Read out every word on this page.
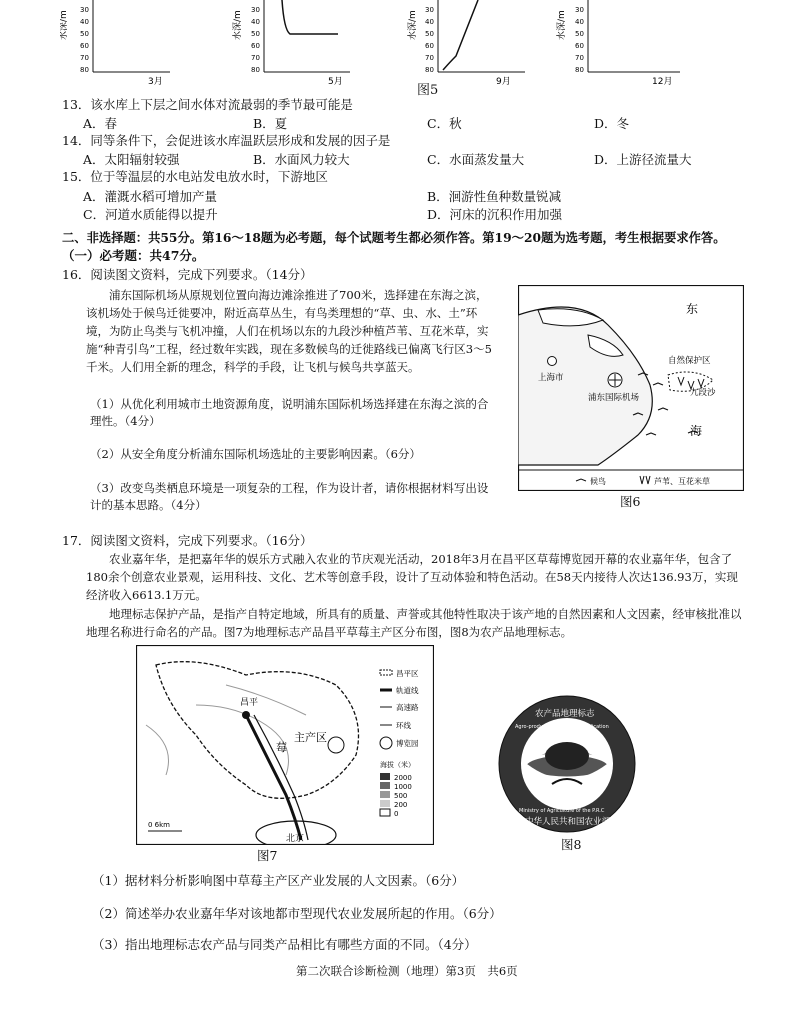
水深/m
30
40
50
60
70
80
3月
水深/m
30
40
50
60
70
80
5月
水深/m
30
40
50
60
70
80
9月
水深/m
30
40
50
60
70
80
12月
图5
13．该水库上下层之间水体对流最弱的季节最可能是
A．春	B．夏	C．秋	D．冬
14．同等条件下，会促进该水库温跃层形成和发展的因子是
A．太阳辐射较强	B．水面风力较大	C．水面蒸发量大	D．上游径流量大
15．位于等温层的水电站发电放水时，下游地区
A．灌溉水稻可增加产量	B．洄游性鱼种数量锐减
C．河道水质能得以提升	D．河床的沉积作用加强
二、非选择题：共55分。第16～18题为必考题，每个试题考生都必须作答。第19～20题为选考题，考生根据要求作答。
（一）必考题：共47分。
16．阅读图文资料，完成下列要求。（14分）
浦东国际机场从原规划位置向海边滩涂推进了700米，选择建在东海之滨，该机场处于候鸟迁徙要冲，附近高草丛生，有鸟类理想的“草、虫、水、土”环境，为防止鸟类与飞机冲撞，人们在机场以东的九段沙种植芦苇、互花米草，实施“种青引鸟”工程，经过数年实践，现在多数候鸟的迁徙路线已偏离飞行区3～5千米。人们用全新的理念，科学的手段，让飞机与候鸟共享蓝天。
（1）从优化利用城市土地资源角度，说明浦东国际机场选择建在东海之滨的合理性。（4分）
（2）从安全角度分析浦东国际机场选址的主要影响因素。（6分）
（3）改变鸟类栖息环境是一项复杂的工程，作为设计者，请你根据材料写出设计的基本思路。（4分）
东
海
上海市
浦东国际机场
自然保护区
九段沙
候鸟	芦苇、互花米草
图6
17．阅读图文资料，完成下列要求。（16分）
农业嘉年华，是把嘉年华的娱乐方式融入农业的节庆观光活动，2018年3月在昌平区草莓博览园开幕的农业嘉年华，包含了180余个创意农业景观，运用科技、文化、艺术等创意手段，设计了互动体验和特色活动。在58天内接待人次达136.93万，实现经济收入6613.1万元。
地理标志保护产品，是指产自特定地域，所具有的质量、声誉或其他特性取决于该产地的自然因素和人文因素，经审核批准以地理名称进行命名的产品。图7为地理标志产品昌平草莓主产区分布图，图8为农产品地理标志。
昌平
莓
主产区
北京
0 6km
昌平区
轨道线
高速路
环线
博览园
海拔（米）
2000
1000
500
200
0
图7
农产品地理标志
Agro-product Geographical Indication
Ministry of Agriculture of the P.R.C
中华人民共和国农业部
图8
（1）据材料分析影响图中草莓主产区产业发展的人文因素。（6分）
（2）简述举办农业嘉年华对该地都市型现代农业发展所起的作用。（6分）
（3）指出地理标志农产品与同类产品相比有哪些方面的不同。（4分）
第二次联合诊断检测（地理）第3页　共6页
